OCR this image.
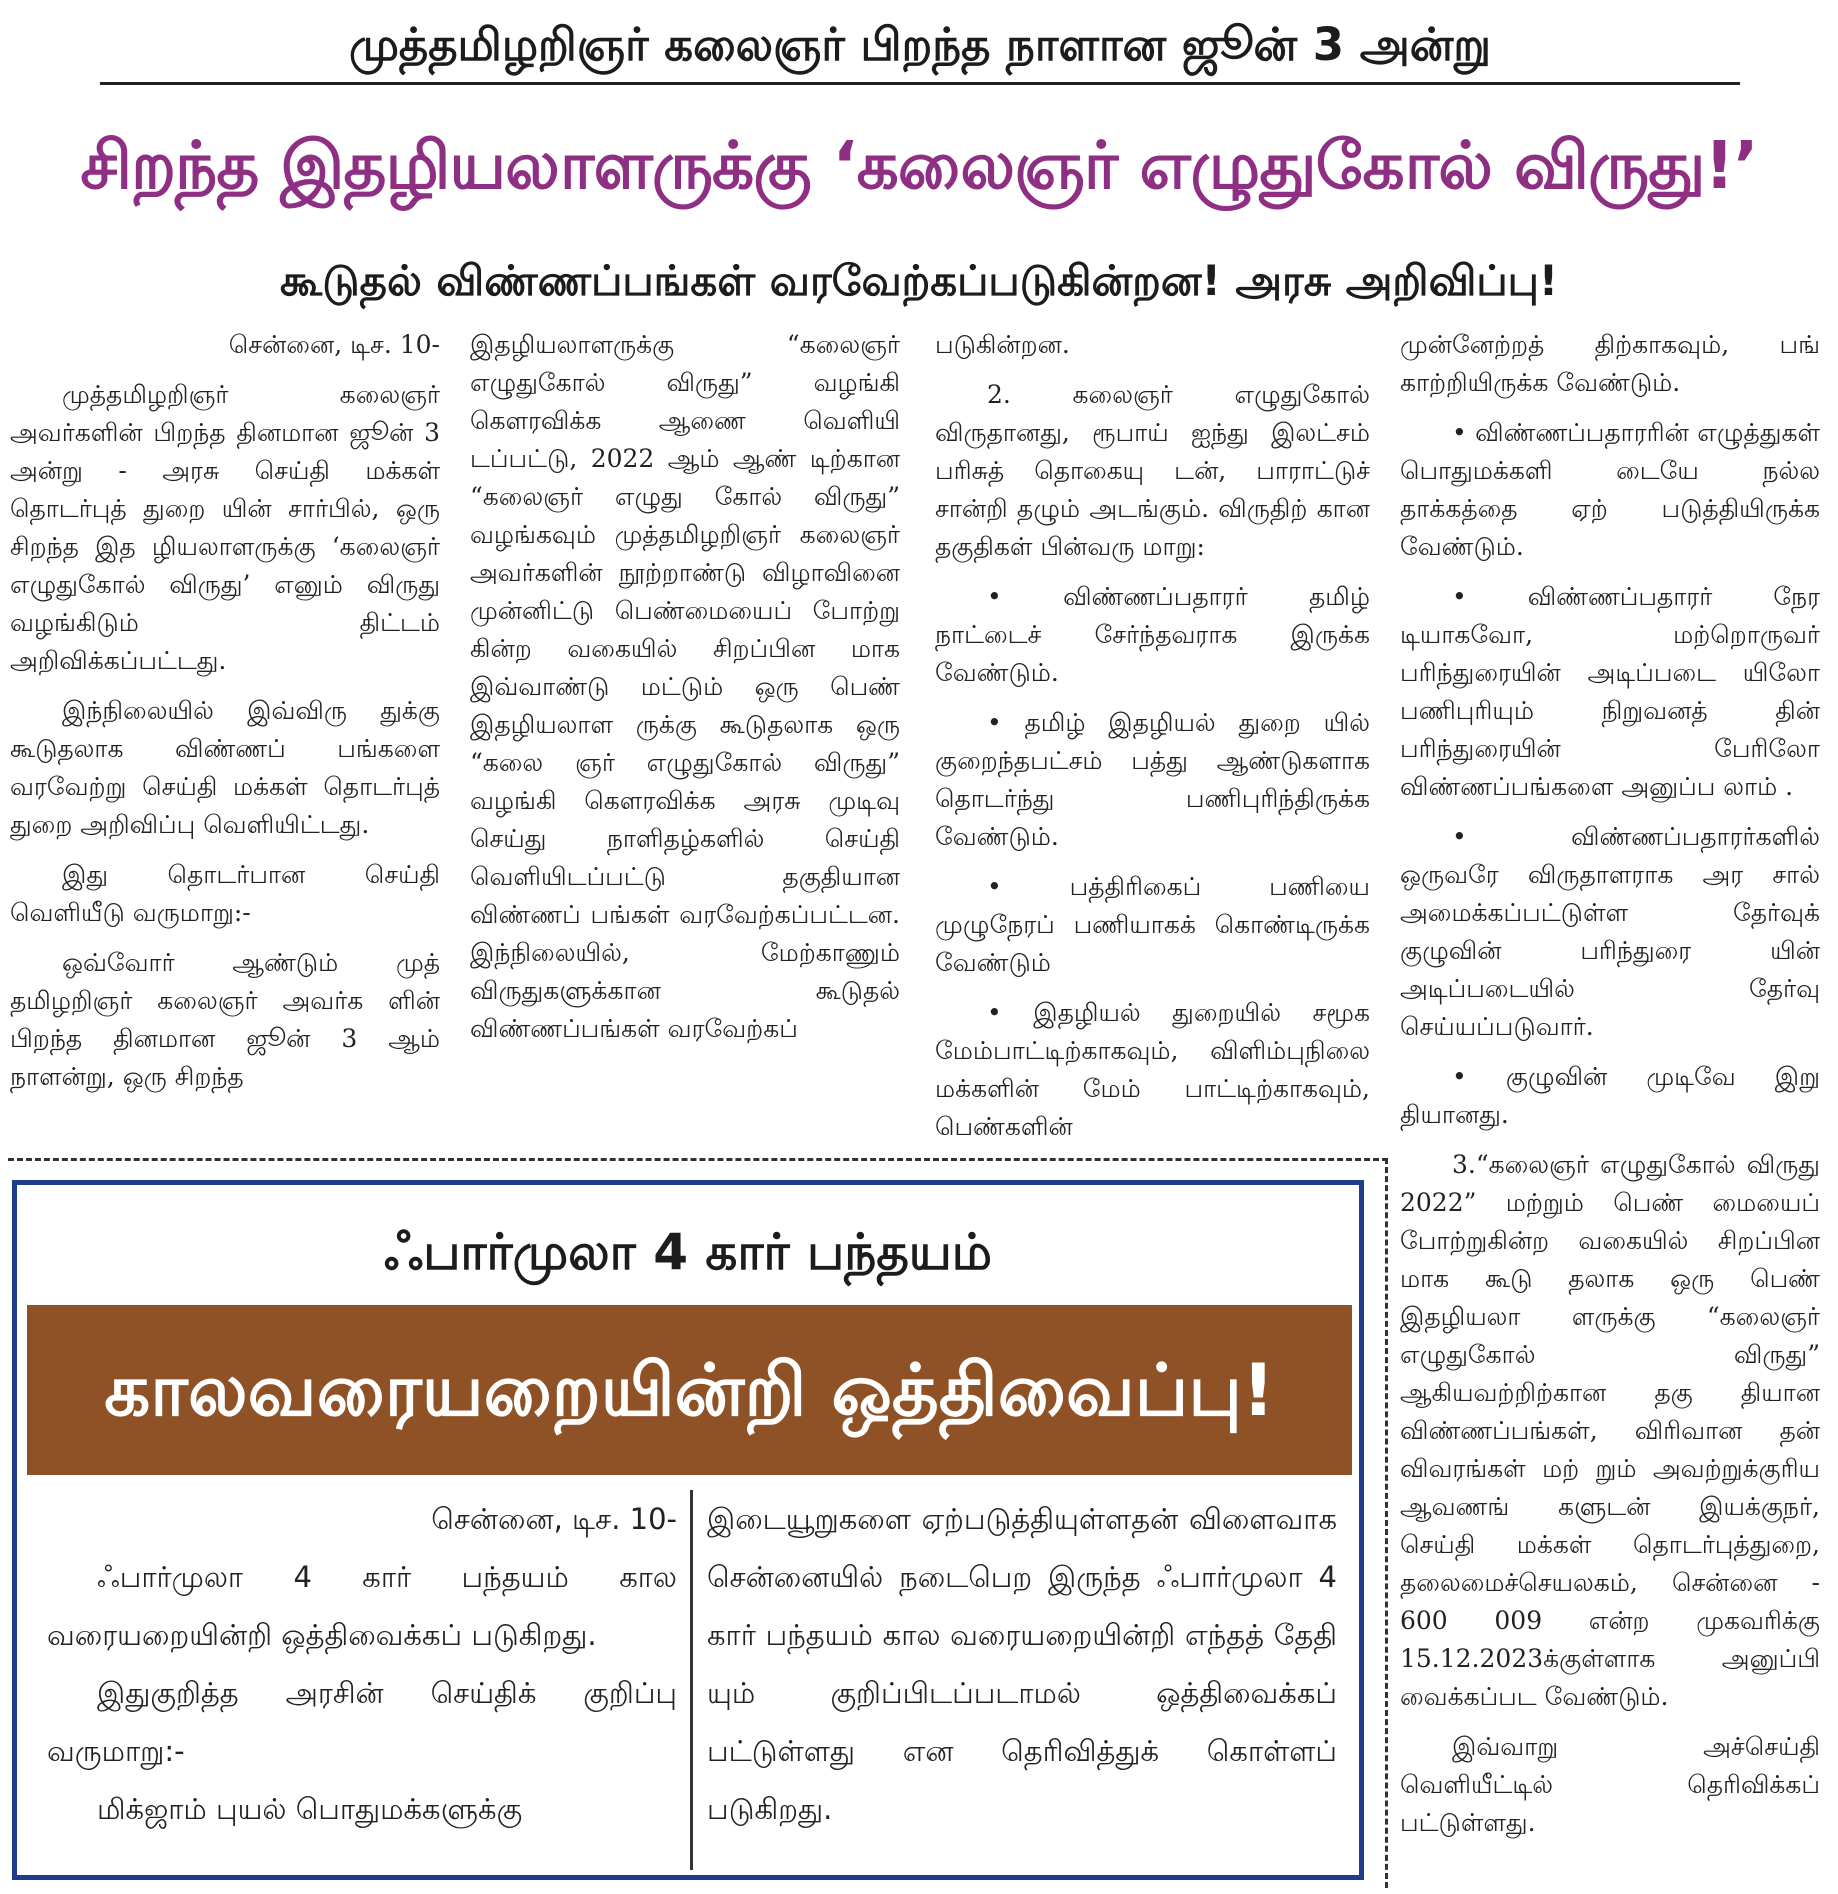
முத்தமிழறிஞர் கலைஞர் பிறந்த நாளான ஜூன் 3 அன்று
சிறந்த இதழியலாளருக்கு ‘கலைஞர் எழுதுகோல் விருது!’
கூடுதல் விண்ணப்பங்கள் வரவேற்கப்படுகின்றன! அரசு அறிவிப்பு!

சென்னை, டிச. 10-

முத்தமிழறிஞர் கலைஞர் அவர்களின் பிறந்த தினமான ஜூன் 3 அன்று - அரசு செய்தி மக்கள் தொடர்புத் துறை யின் சார்பில், ஒரு சிறந்த இத ழியலாளருக்கு ‘கலைஞர் எழுதுகோல் விருது’ எனும் விருது வழங்கிடும் திட்டம் அறிவிக்கப்பட்டது.

இந்நிலையில் இவ்விரு துக்கு கூடுதலாக விண்ணப் பங்களை வரவேற்று செய்தி மக்கள் தொடர்புத் துறை அறிவிப்பு வெளியிட்டது.

இது தொடர்பான செய்தி வெளியீடு வருமாறு:-

ஒவ்வோர் ஆண்டும் முத் தமிழறிஞர் கலைஞர் அவர்க ளின் பிறந்த தினமான ஜூன் 3 ஆம் நாளன்று, ஒரு சிறந்த

இதழியலாளருக்கு “கலைஞர் எழுதுகோல் விருது” வழங்கி கௌரவிக்க ஆணை வெளியி டப்பட்டு, 2022 ஆம் ஆண் டிற்கான “கலைஞர் எழுது கோல் விருது” வழங்கவும் முத்தமிழறிஞர் கலைஞர் அவர்களின் நூற்றாண்டு விழாவினை முன்னிட்டு பெண்மையைப் போற்று கின்ற வகையில் சிறப்பின மாக இவ்வாண்டு மட்டும் ஒரு பெண் இதழியலாள ருக்கு கூடுதலாக ஒரு “கலை ஞர் எழுதுகோல் விருது” வழங்கி கௌரவிக்க அரசு முடிவு செய்து நாளிதழ்களில் செய்தி வெளியிடப்பட்டு தகுதியான விண்ணப் பங்கள் வரவேற்கப்பட்டன. இந்நிலையில், மேற்காணும் விருதுகளுக்கான கூடுதல் விண்ணப்பங்கள் வரவேற்கப்

படுகின்றன.

2. கலைஞர் எழுதுகோல் விருதானது, ரூபாய் ஐந்து இலட்சம் பரிசுத் தொகையு டன், பாராட்டுச் சான்றி தழும் அடங்கும். விருதிற் கான தகுதிகள் பின்வரு மாறு:

• விண்ணப்பதாரர் தமிழ் நாட்டைச் சேர்ந்தவராக இருக்க வேண்டும்.

• தமிழ் இதழியல் துறை யில் குறைந்தபட்சம் பத்து ஆண்டுகளாக தொடர்ந்து பணிபுரிந்திருக்க வேண்டும்.

• பத்திரிகைப் பணியை முழுநேரப் பணியாகக் கொண்டிருக்க வேண்டும்

• இதழியல் துறையில் சமூக மேம்பாட்டிற்காகவும், விளிம்புநிலை மக்களின் மேம் பாட்டிற்காகவும், பெண்களின்

முன்னேற்றத் திற்காகவும், பங் காற்றியிருக்க வேண்டும்.

• விண்ணப்பதாரரின் எழுத்துகள் பொதுமக்களி டையே நல்ல தாக்கத்தை ஏற் படுத்தியிருக்க வேண்டும்.

• விண்ணப்பதாரர் நேர டியாகவோ, மற்றொருவர் பரிந்துரையின் அடிப்படை யிலோ பணிபுரியும் நிறுவனத் தின் பரிந்துரையின் பேரிலோ விண்ணப்பங்களை அனுப்ப லாம் .

• விண்ணப்பதாரர்களில் ஒருவரே விருதாளராக அர சால் அமைக்கப்பட்டுள்ள தேர்வுக் குழுவின் பரிந்துரை யின் அடிப்படையில் தேர்வு செய்யப்படுவார்.

• குழுவின் முடிவே இறு தியானது.

3.“கலைஞர் எழுதுகோல் விருது 2022” மற்றும் பெண் மையைப் போற்றுகின்ற வகையில் சிறப்பின மாக கூடு தலாக ஒரு பெண் இதழியலா ளருக்கு “கலைஞர் எழுதுகோல் விருது” ஆகியவற்றிற்கான தகு தியான விண்ணப்பங்கள், விரிவான தன் விவரங்கள் மற் றும் அவற்றுக்குரிய ஆவணங் களுடன் இயக்குநர், செய்தி மக்கள் தொடர்புத்துறை, தலைமைச்செயலகம், சென்னை - 600 009 என்ற முகவரிக்கு 15.12.2023க்குள்ளாக அனுப்பி வைக்கப்பட வேண்டும்.

இவ்வாறு அச்செய்தி வெளியீட்டில் தெரிவிக்கப் பட்டுள்ளது.

ஃபார்முலா 4 கார் பந்தயம்
காலவரையறையின்றி ஒத்திவைப்பு!

சென்னை, டிச. 10-

ஃபார்முலா 4 கார் பந்தயம் கால வரையறையின்றி ஒத்திவைக்கப் படுகிறது.

இதுகுறித்த அரசின் செய்திக் குறிப்பு வருமாறு:-

மிக்ஜாம் புயல் பொதுமக்களுக்கு

இடையூறுகளை ஏற்படுத்தியுள்ளதன் விளைவாக சென்னையில் நடைபெற இருந்த ஃபார்முலா 4 கார் பந்தயம் கால வரையறையின்றி எந்தத் தேதி யும் குறிப்பிடப்படாமல் ஒத்திவைக்கப் பட்டுள்ளது என தெரிவித்துக் கொள்ளப் படுகிறது.
